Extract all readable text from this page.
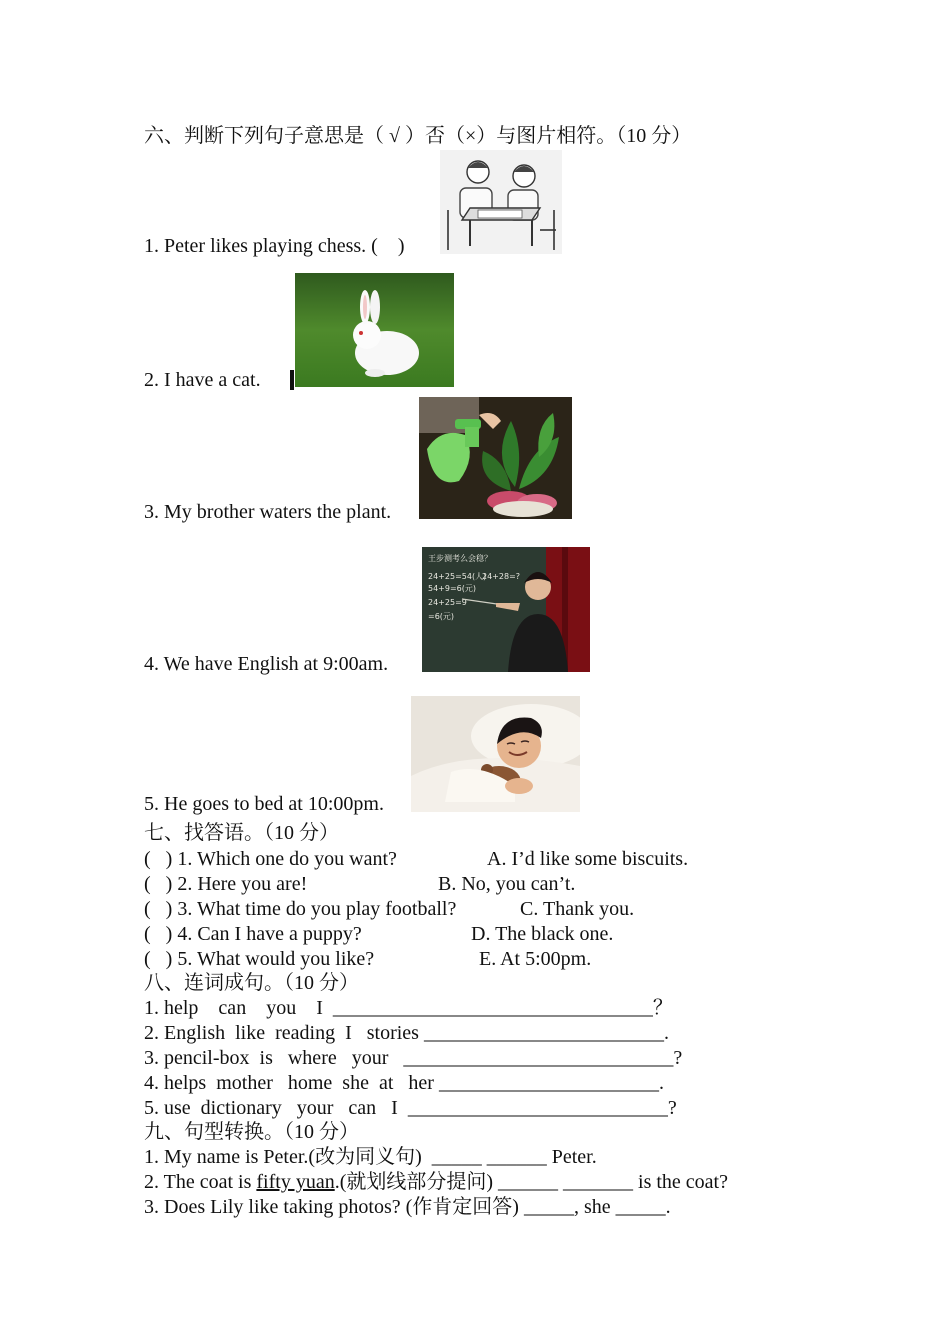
六、判断下列句子意思是（ √ ）否（×）与图片相符。（10 分）
1. Peter likes playing chess. (    )
2. I have a cat.
3. My brother waters the plant.
王步测考么会稳？
24+25=54(人)
54+9=6(元)
24+28=?
24+25=9
=6(元)
4. We have English at 9:00am.
5. He goes to bed at 10:00pm.
七、找答语。（10 分）
(   ) 1. Which one do you want?	A. I’d like some biscuits.
(   ) 2. Here you are!	B. No, you can’t.
(   ) 3. What time do you play football?	C. Thank you.
(   ) 4. Can I have a puppy?	D. The black one.
(   ) 5. What would you like?	E. At 5:00pm.
八、连词成句。（10 分）
1. help    can    you    I ________________________________？
2. English  like  reading  I   stories ________________________.
3. pencil-box  is   where   your ___________________________?
4. helps  mother   home  she  at   her ______________________.
5. use  dictionary   your   can   I __________________________?
九、句型转换。（10 分）
1. My name is Peter.(改为同义句)  _____ ______ Peter.
2. The coat is fifty yuan.(就划线部分提问) ______ _______ is the coat?
3. Does Lily like taking photos? (作肯定回答) _____, she _____.
